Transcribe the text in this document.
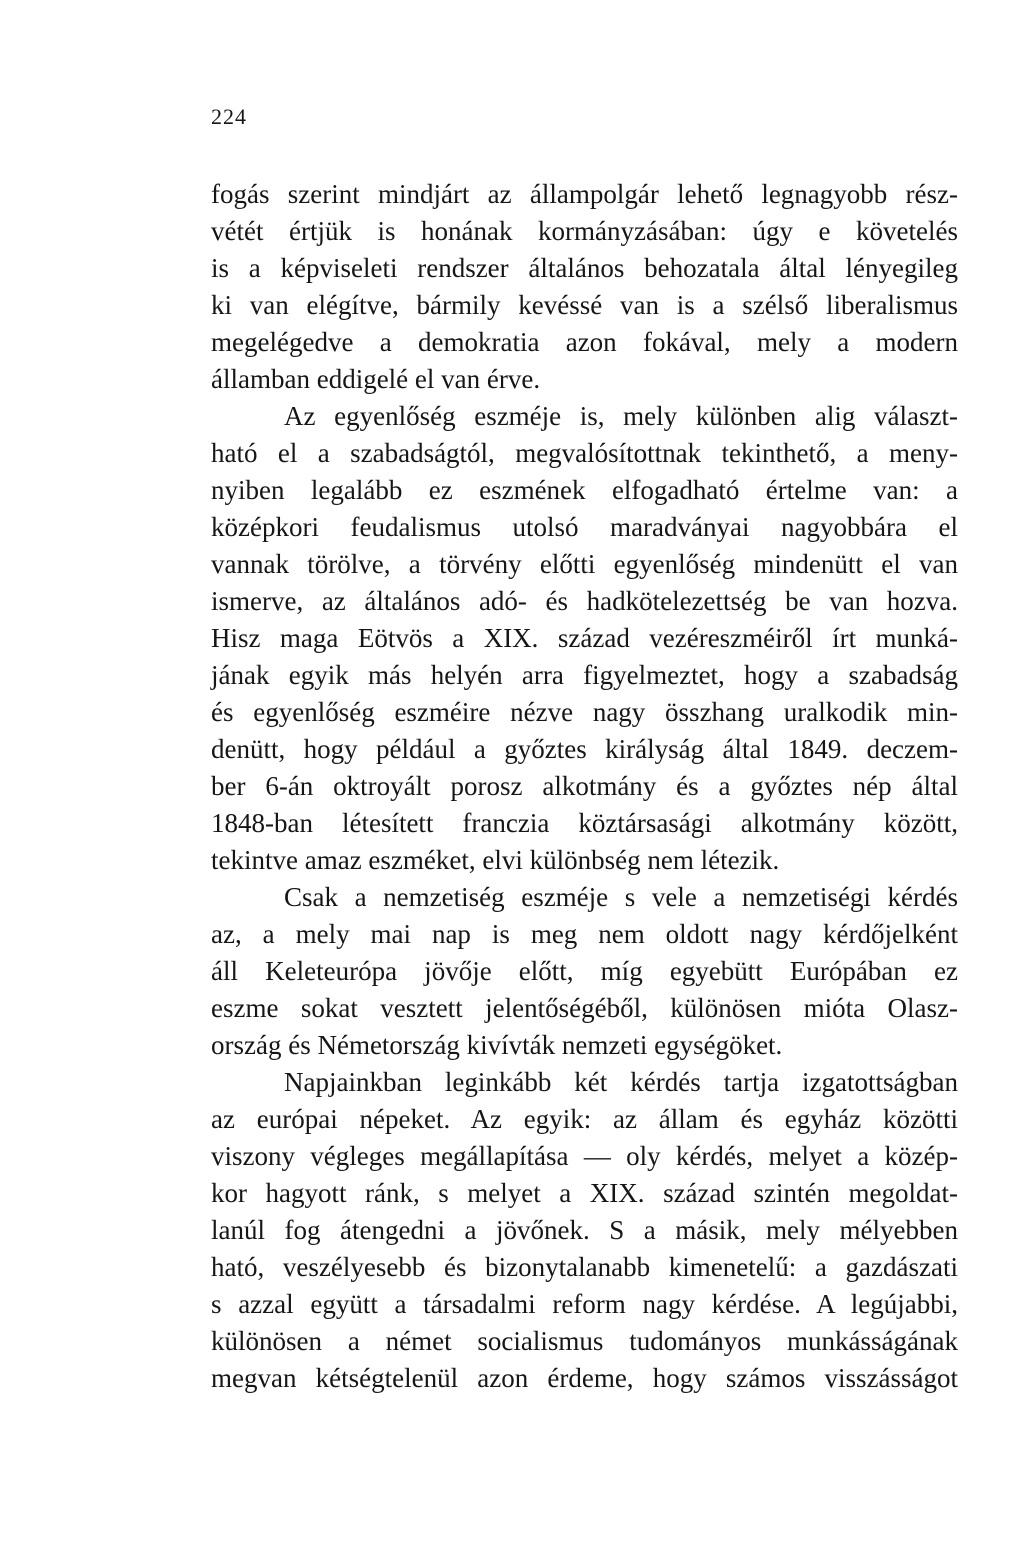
224
fogás szerint mindjárt az állampolgár lehető legnagyobb rész-
vétét értjük is honának kormányzásában: úgy e követelés
is a képviseleti rendszer általános behozatala által lényegileg
ki van elégítve, bármily kevéssé van is a szélső liberalismus
megelégedve a demokratia azon fokával, mely a modern
államban eddigelé el van érve.
Az egyenlőség eszméje is, mely különben alig választ-
ható el a szabadságtól, megvalósítottnak tekinthető, a meny-
nyiben legalább ez eszmének elfogadható értelme van: a
középkori feudalismus utolsó maradványai nagyobbára el
vannak törölve, a törvény előtti egyenlőség mindenütt el van
ismerve, az általános adó- és hadkötelezettség be van hozva.
Hisz maga Eötvös a XIX. század vezéreszméiről írt munká-
jának egyik más helyén arra figyelmeztet, hogy a szabadság
és egyenlőség eszméire nézve nagy összhang uralkodik min-
denütt, hogy például a győztes királyság által 1849. deczem-
ber 6-án oktroyált porosz alkotmány és a győztes nép által
1848-ban létesített franczia köztársasági alkotmány között,
tekintve amaz eszméket, elvi különbség nem létezik.
Csak a nemzetiség eszméje s vele a nemzetiségi kérdés
az, a mely mai nap is meg nem oldott nagy kérdőjelként
áll Keleteurópa jövője előtt, míg egyebütt Európában ez
eszme sokat vesztett jelentőségéből, különösen mióta Olasz-
ország és Németország kivívták nemzeti egységöket.
Napjainkban leginkább két kérdés tartja izgatottságban
az európai népeket. Az egyik: az állam és egyház közötti
viszony végleges megállapítása — oly kérdés, melyet a közép-
kor hagyott ránk, s melyet a XIX. század szintén megoldat-
lanúl fog átengedni a jövőnek. S a másik, mely mélyebben
ható, veszélyesebb és bizonytalanabb kimenetelű: a gazdászati
s azzal együtt a társadalmi reform nagy kérdése. A legújabbi,
különösen a német socialismus tudományos munkásságának
megvan kétségtelenül azon érdeme, hogy számos visszásságot
